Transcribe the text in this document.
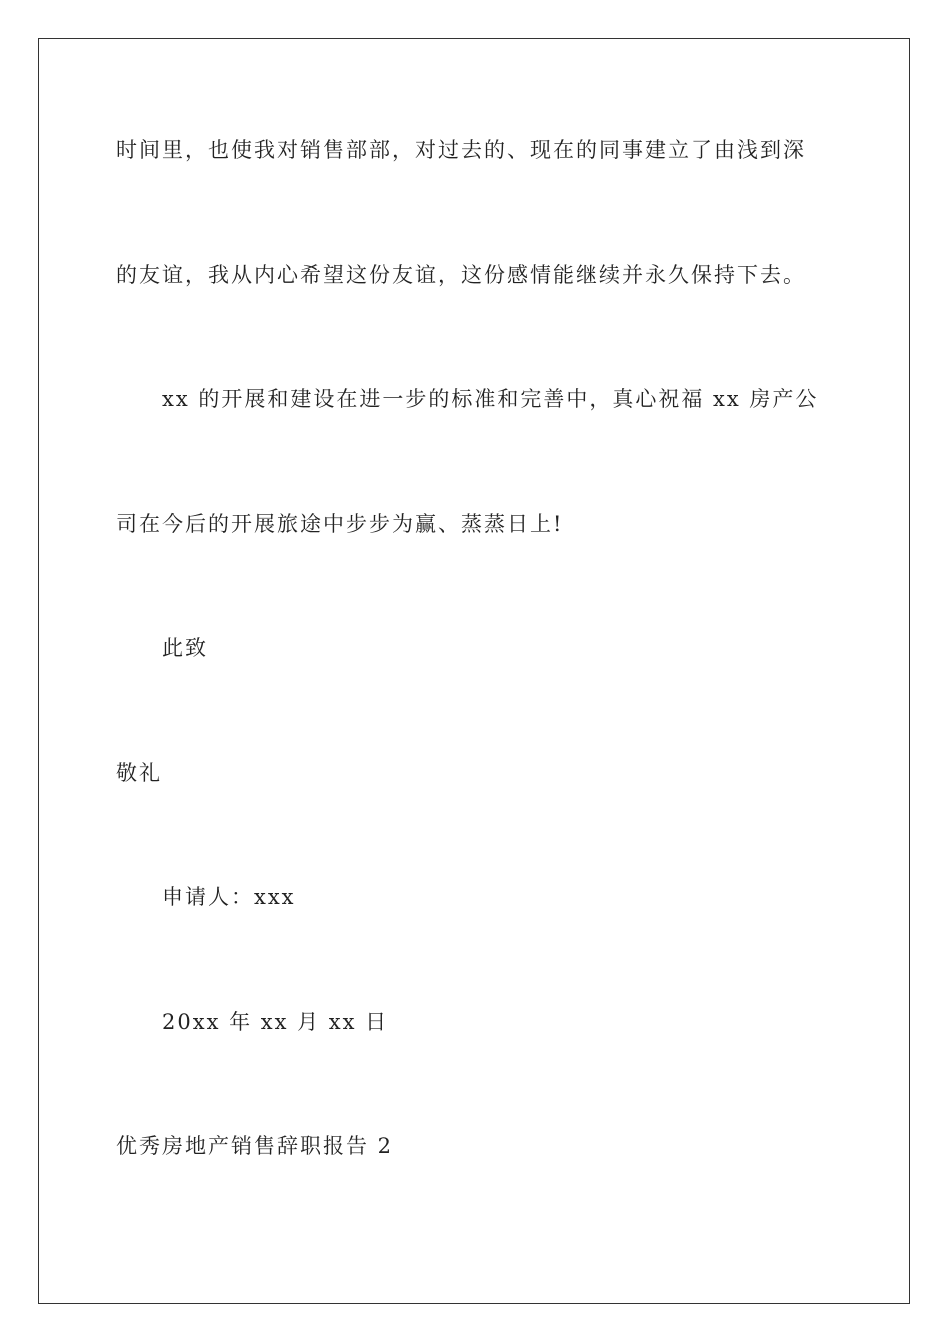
时间里，也使我对销售部部，对过去的、现在的同事建立了由浅到深
的友谊，我从内心希望这份友谊，这份感情能继续并永久保持下去。
xx 的开展和建设在进一步的标准和完善中，真心祝福 xx 房产公
司在今后的开展旅途中步步为赢、蒸蒸日上!
此致
敬礼
申请人：xxx
20xx 年 xx 月 xx 日
优秀房地产销售辞职报告 2
